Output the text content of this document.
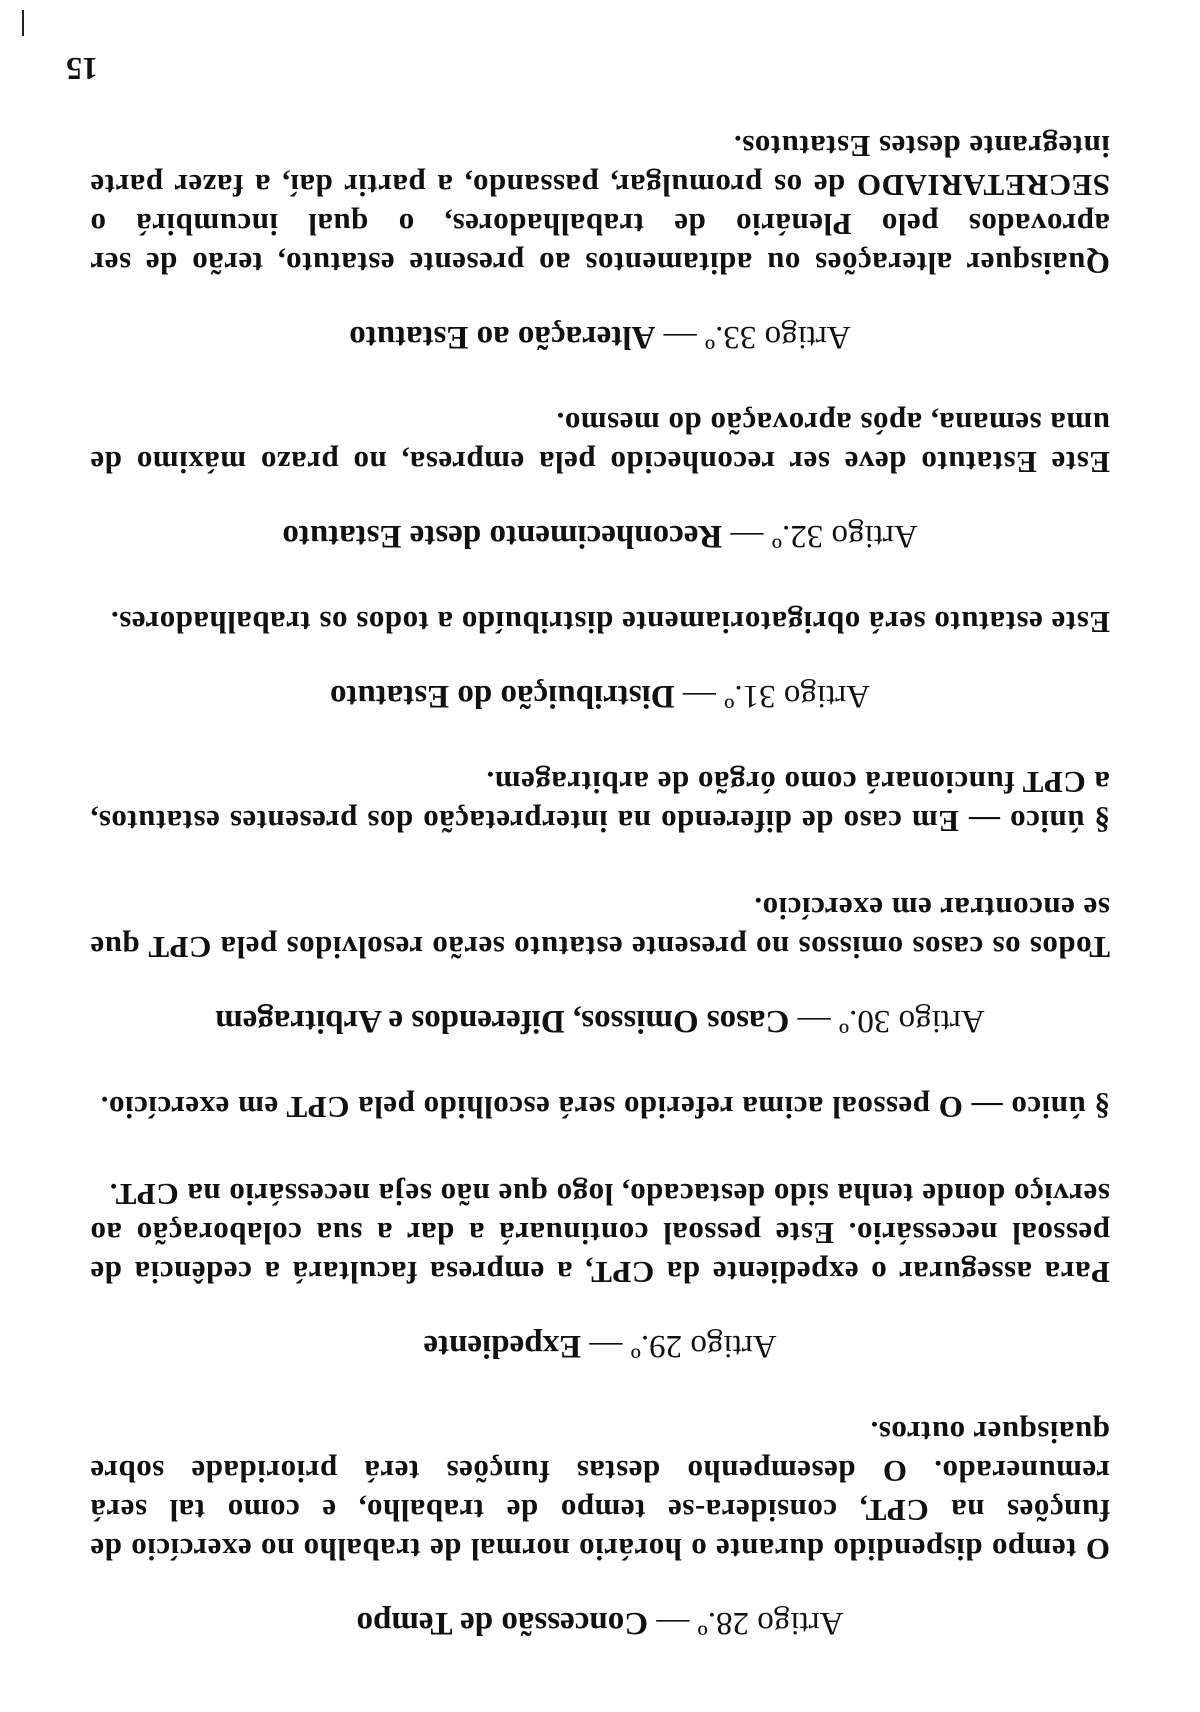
Artigo 28.º — Concessão de Tempo

O tempo dispendido durante o horário normal de trabalho no exercício de funções na CPT, considera-se tempo de trabalho, e como tal será remunerado. O desempenho destas funções terá prioridade sobre quaisquer outros.

Artigo 29.º — Expediente

Para assegurar o expediente da CPT, a empresa facultará a cedência de pessoal necessário. Este pessoal continuará a dar a sua colaboração ao serviço donde tenha sido destacado, logo que não seja necessário na CPT.

§ único — O pessoal acima referido será escolhido pela CPT em exercício.

Artigo 30.º — Casos Omissos, Diferendos e Arbitragem

Todos os casos omissos no presente estatuto serão resolvidos pela CPT que se encontrar em exercício.

§ único — Em caso de diferendo na interpretação dos presentes estatutos, a CPT funcionará como órgão de arbitragem.

Artigo 31.º — Distribuição do Estatuto

Este estatuto será obrigatoriamente distribuído a todos os trabalhadores.

Artigo 32.º — Reconhecimento deste Estatuto

Este Estatuto deve ser reconhecido pela empresa, no prazo máximo de uma semana, após aprovação do mesmo.

Artigo 33.º — Alteração ao Estatuto

Quaisquer alterações ou aditamentos ao presente estatuto, terão de ser aprovados pelo Plenário de trabalhadores, o qual incumbirá o SECRETARIADO de os promulgar, passando, a partir daí, a fazer parte integrante destes Estatutos.

15
